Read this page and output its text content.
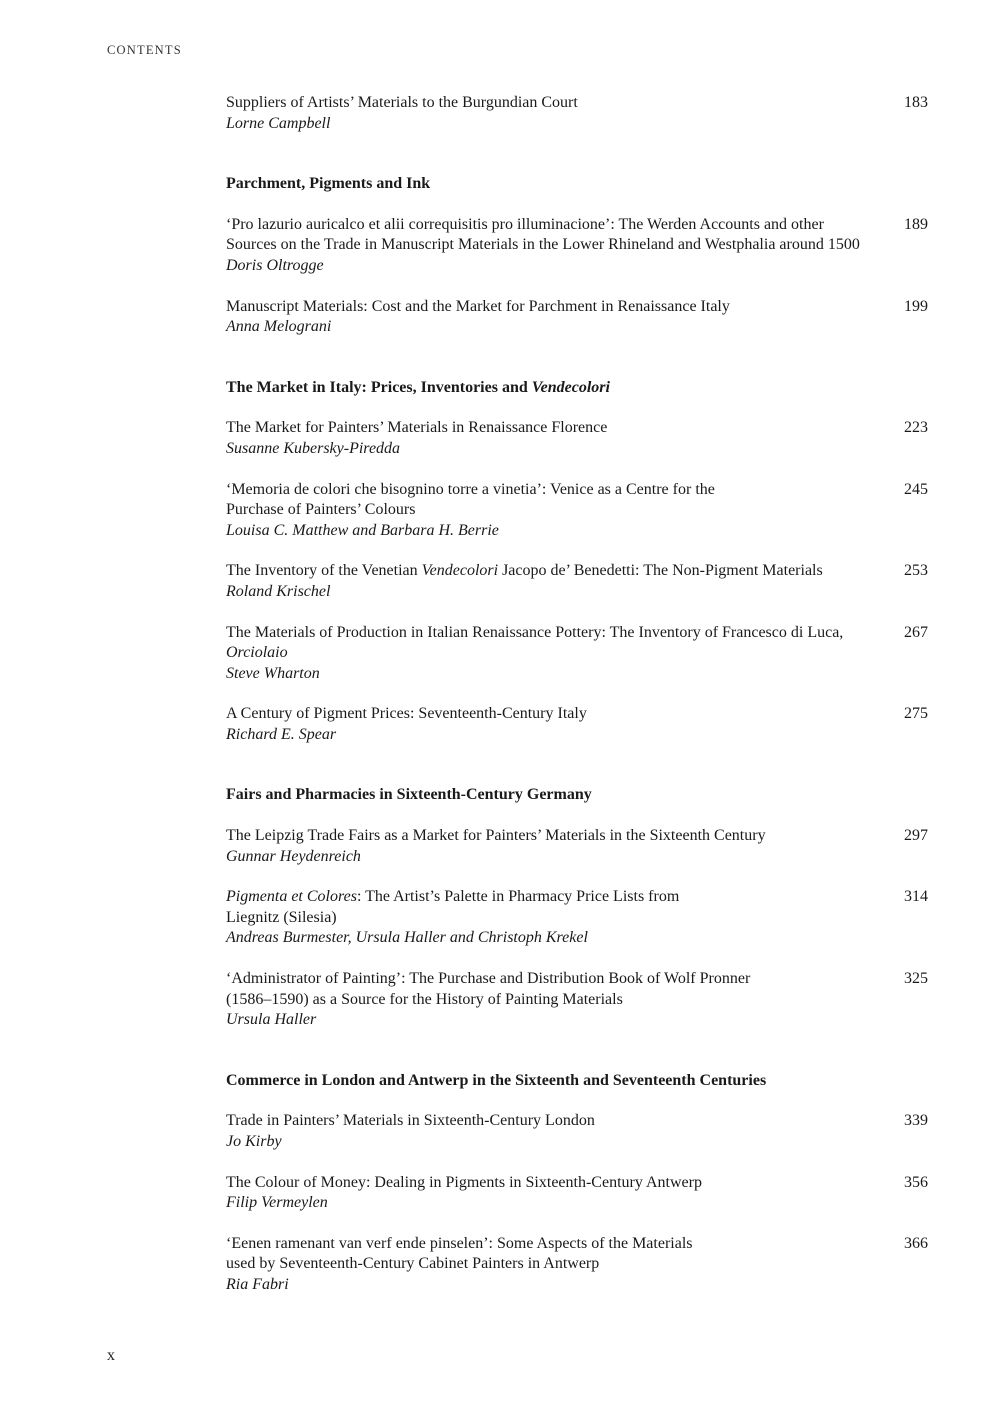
CONTENTS
Suppliers of Artists’ Materials to the Burgundian Court
Lorne Campbell
183
Parchment, Pigments and Ink
‘Pro lazurio auricalco et alii correquisitis pro illuminacione’: The Werden Accounts and other
Sources on the Trade in Manuscript Materials in the Lower Rhineland and Westphalia around 1500
Doris Oltrogge
189
Manuscript Materials: Cost and the Market for Parchment in Renaissance Italy
Anna Melograni
199
The Market in Italy: Prices, Inventories and Vendecolori
The Market for Painters’ Materials in Renaissance Florence
Susanne Kubersky-Piredda
223
‘Memoria de colori che bisognino torre a vinetia’: Venice as a Centre for the
Purchase of Painters’ Colours
Louisa C. Matthew and Barbara H. Berrie
245
The Inventory of the Venetian Vendecolori Jacopo de’ Benedetti: The Non-Pigment Materials
Roland Krischel
253
The Materials of Production in Italian Renaissance Pottery: The Inventory of Francesco di Luca,
Orciolaio
Steve Wharton
267
A Century of Pigment Prices: Seventeenth-Century Italy
Richard E. Spear
275
Fairs and Pharmacies in Sixteenth-Century Germany
The Leipzig Trade Fairs as a Market for Painters’ Materials in the Sixteenth Century
Gunnar Heydenreich
297
Pigmenta et Colores: The Artist’s Palette in Pharmacy Price Lists from
Liegnitz (Silesia)
Andreas Burmester, Ursula Haller and Christoph Krekel
314
‘Administrator of Painting’: The Purchase and Distribution Book of Wolf Pronner
(1586–1590) as a Source for the History of Painting Materials
Ursula Haller
325
Commerce in London and Antwerp in the Sixteenth and Seventeenth Centuries
Trade in Painters’ Materials in Sixteenth-Century London
Jo Kirby
339
The Colour of Money: Dealing in Pigments in Sixteenth-Century Antwerp
Filip Vermeylen
356
‘Eenen ramenant van verf ende pinselen’: Some Aspects of the Materials
used by Seventeenth-Century Cabinet Painters in Antwerp
Ria Fabri
366
x
